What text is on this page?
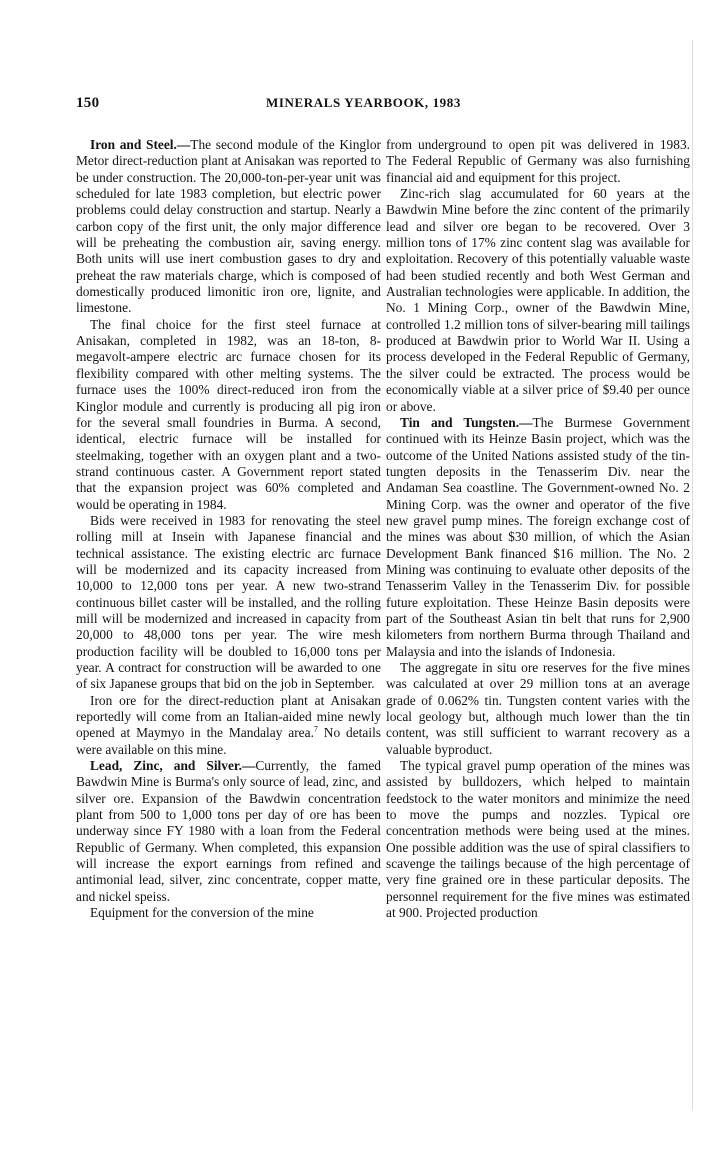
150	MINERALS YEARBOOK, 1983

Iron and Steel.—The second module of the Kinglor Metor direct-reduction plant at Anisakan was reported to be under construction. The 20,000-ton-per-year unit was scheduled for late 1983 completion, but electric power problems could delay construction and startup. Nearly a carbon copy of the first unit, the only major difference will be preheating the combustion air, saving energy. Both units will use inert combustion gases to dry and preheat the raw materials charge, which is composed of domestically produced limonitic iron ore, lignite, and limestone.

The final choice for the first steel furnace at Anisakan, completed in 1982, was an 18-ton, 8-megavolt-ampere electric arc furnace chosen for its flexibility compared with other melting systems. The furnace uses the 100% direct-reduced iron from the Kinglor module and currently is producing all pig iron for the several small foundries in Burma. A second, identical, electric furnace will be installed for steelmaking, together with an oxygen plant and a two-strand continuous caster. A Government report stated that the expansion project was 60% completed and would be operating in 1984.

Bids were received in 1983 for renovating the steel rolling mill at Insein with Japanese financial and technical assistance. The existing electric arc furnace will be modernized and its capacity increased from 10,000 to 12,000 tons per year. A new two-strand continuous billet caster will be installed, and the rolling mill will be modernized and increased in capacity from 20,000 to 48,000 tons per year. The wire mesh production facility will be doubled to 16,000 tons per year. A contract for construction will be awarded to one of six Japanese groups that bid on the job in September.

Iron ore for the direct-reduction plant at Anisakan reportedly will come from an Italian-aided mine newly opened at Maymyo in the Mandalay area.$^7$ No details were available on this mine.

Lead, Zinc, and Silver.—Currently, the famed Bawdwin Mine is Burma's only source of lead, zinc, and silver ore. Expansion of the Bawdwin concentration plant from 500 to 1,000 tons per day of ore has been underway since FY 1980 with a loan from the Federal Republic of Germany. When completed, this expansion will increase the export earnings from refined and antimonial lead, silver, zinc concentrate, copper matte, and nickel speiss.

Equipment for the conversion of the mine

from underground to open pit was delivered in 1983. The Federal Republic of Germany was also furnishing financial aid and equipment for this project.

Zinc-rich slag accumulated for 60 years at the Bawdwin Mine before the zinc content of the primarily lead and silver ore began to be recovered. Over 3 million tons of 17% zinc content slag was available for exploitation. Recovery of this potentially valuable waste had been studied recently and both West German and Australian technologies were applicable. In addition, the No. 1 Mining Corp., owner of the Bawdwin Mine, controlled 1.2 million tons of silver-bearing mill tailings produced at Bawdwin prior to World War II. Using a process developed in the Federal Republic of Germany, the silver could be extracted. The process would be economically viable at a silver price of $9.40 per ounce or above.

Tin and Tungsten.—The Burmese Government continued with its Heinze Basin project, which was the outcome of the United Nations assisted study of the tin-tungten deposits in the Tenasserim Div. near the Andaman Sea coastline. The Government-owned No. 2 Mining Corp. was the owner and operator of the five new gravel pump mines. The foreign exchange cost of the mines was about $30 million, of which the Asian Development Bank financed $16 million. The No. 2 Mining was continuing to evaluate other deposits of the Tenasserim Valley in the Tenasserim Div. for possible future exploitation. These Heinze Basin deposits were part of the Southeast Asian tin belt that runs for 2,900 kilometers from northern Burma through Thailand and Malaysia and into the islands of Indonesia.

The aggregate in situ ore reserves for the five mines was calculated at over 29 million tons at an average grade of 0.062% tin. Tungsten content varies with the local geology but, although much lower than the tin content, was still sufficient to warrant recovery as a valuable byproduct.

The typical gravel pump operation of the mines was assisted by bulldozers, which helped to maintain feedstock to the water monitors and minimize the need to move the pumps and nozzles. Typical ore concentration methods were being used at the mines. One possible addition was the use of spiral classifiers to scavenge the tailings because of the high percentage of very fine grained ore in these particular deposits. The personnel requirement for the five mines was estimated at 900. Projected production
